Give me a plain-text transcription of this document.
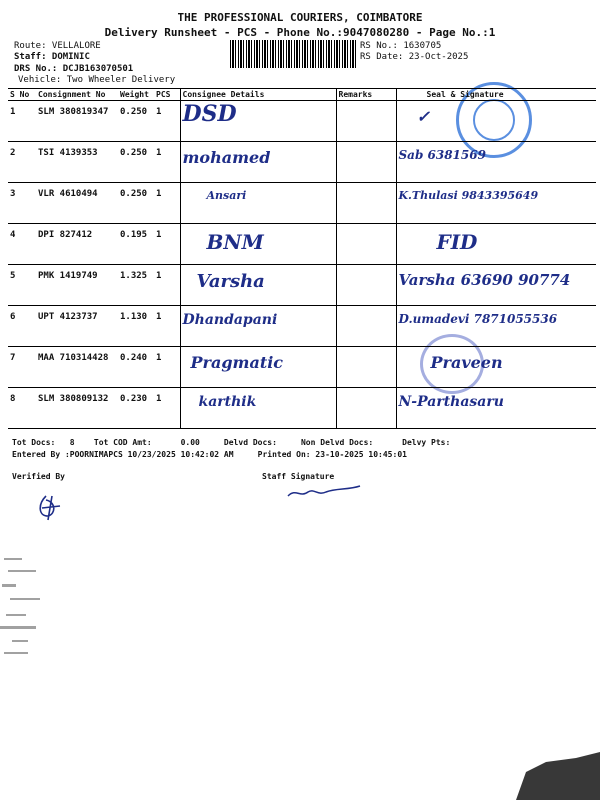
THE PROFESSIONAL COURIERS, COIMBATORE
Delivery Runsheet - PCS - Phone No.:9047080280 - Page No.:1
Route: VELLALORE
Staff: DOMINIC
DRS No.: DCJB163070501
Vehicle: Two Wheeler Delivery
RS No.: 1630705
RS Date: 23-Oct-2025
S No	Consignment No	Weight	PCS	Consignee Details	Remarks	Seal & Signature
1	SLM 380819347	0.250	1	DSD		✓
2	TSI 4139353	0.250	1	mohamed		Sab 6381569
3	VLR 4610494	0.250	1	Ansari		K.Thulasi 9843395649
4	DPI 827412	0.195	1	BNM		FID
5	PMK 1419749	1.325	1	Varsha		Varsha 63690 90774
6	UPT 4123737	1.130	1	Dhandapani		D.umadevi 7871055536
7	MAA 710314428	0.240	1	Pragmatic		Praveen
8	SLM 380809132	0.230	1	karthik		N-Parthasaru
Tot Docs:   8    Tot COD Amt:      0.00     Delvd Docs:     Non Delvd Docs:      Delvy Pts:
Entered By :POORNIMAPCS 10/23/2025 10:42:02 AM     Printed On: 23-10-2025 10:45:01
Verified By	Staff Signature
